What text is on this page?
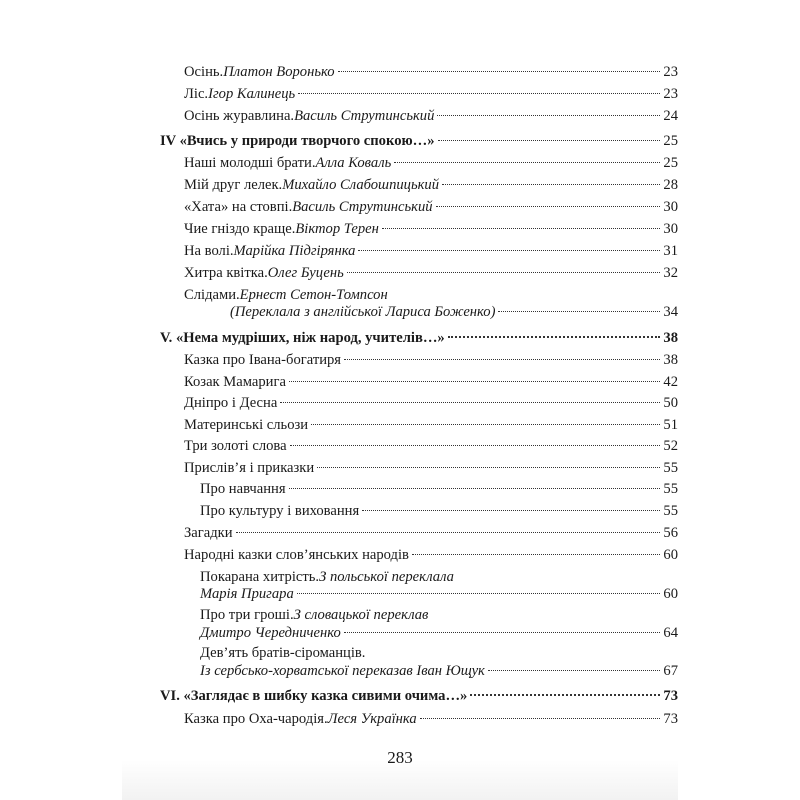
Осінь. Платон Воронько	23
Ліс. Ігор Калинець	23
Осінь журавлина. Василь Струтинський	24
IV «Вчись у природи творчого спокою…»	25
Наші молодші брати. Алла Коваль	25
Мій друг лелек. Михайло Слабошпицький	28
«Хата» на стовпі. Василь Струтинський	30
Чие гніздо краще. Віктор Терен	30
На волі. Марійка Підгірянка	31
Хитра квітка. Олег Буцень	32
Слідами. Ернест Сетон-Томпсон
(Переклала з англійської Лариса Боженко)	34
V. «Нема мудріших, ніж народ, учителів…»	38
Казка про Івана-богатиря	38
Козак Мамарига	42
Дніпро і Десна	50
Материнські сльози	51
Три золоті слова	52
Прислів’я і приказки	55
Про навчання	55
Про культуру і виховання	55
Загадки	56
Народні казки слов’янських народів	60
Покарана хитрість. З польської переклала
Марія Пригара	60
Про три гроші. З словацької переклав
Дмитро Чередниченко	64
Дев’ять братів-сіроманців.
Із сербсько-хорватської переказав Іван Ющук	67
VI. «Заглядає в шибку казка сивими очима…»	73
Казка про Оха-чародія. Леся Українка	73
283
